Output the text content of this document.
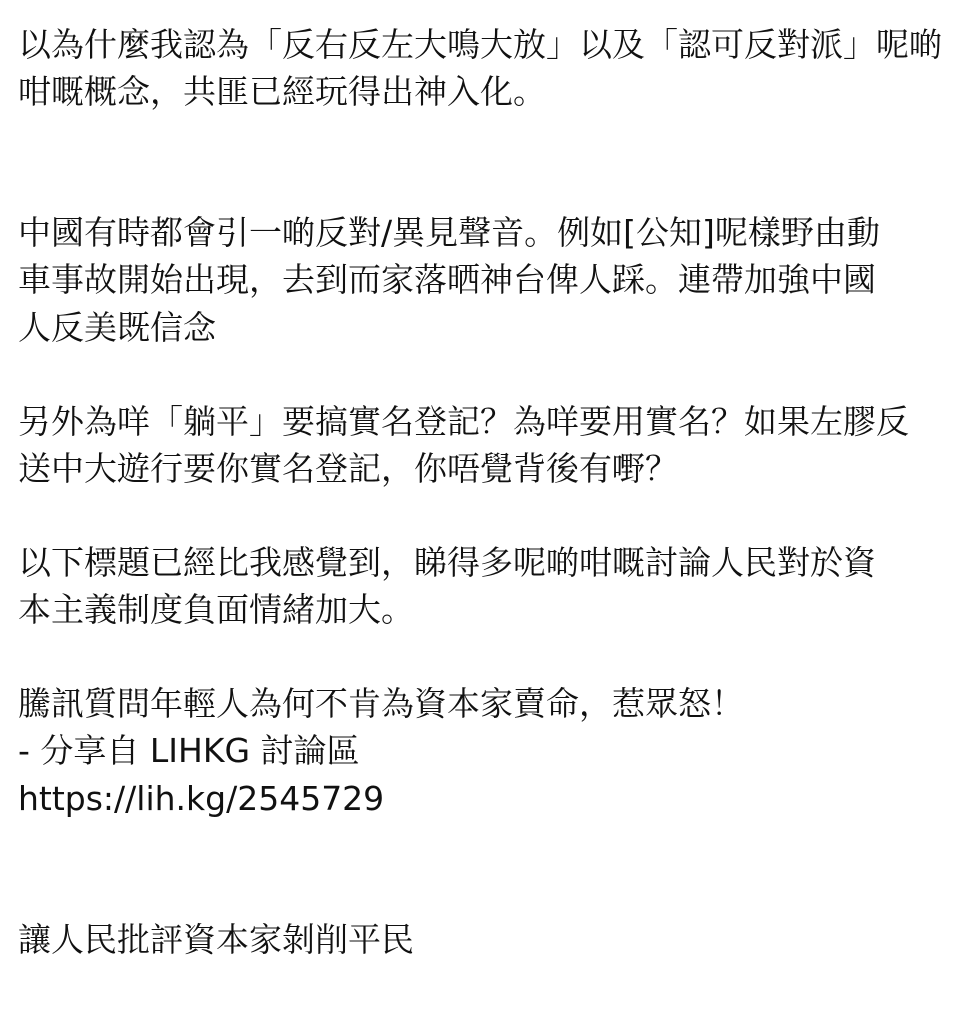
以為什麼我認為「反右反左大鳴大放」以及「認可反對派」呢啲
咁嘅概念，共匪已經玩得出神入化。
中國有時都會引一啲反對/異見聲音。例如[公知]呢樣野由動
車事故開始出現，去到而家落晒神台俾人踩。連帶加強中國
人反美既信念
另外為咩「躺平」要搞實名登記？為咩要用實名？如果左膠反
送中大遊行要你實名登記，你唔覺背後有嘢？
以下標題已經比我感覺到，睇得多呢啲咁嘅討論人民對於資
本主義制度負面情緒加大。
騰訊質問年輕人為何不肯為資本家賣命，惹眾怒！
- 分享自 LIHKG 討論區
https://lih.kg/2545729
讓人民批評資本家剝削平民
